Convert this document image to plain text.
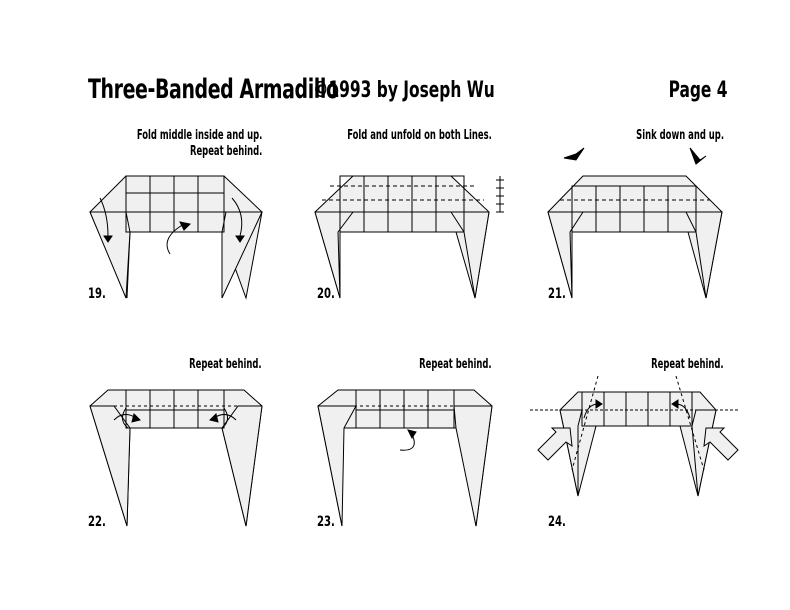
Three-Banded Armadillo
©1993 by Joseph Wu	Page 4
Fold middle inside and up.
Repeat behind.
Fold and unfold on both Lines.	Sink down and up.
Repeat behind.	Repeat behind.	Repeat behind.
19.	20.	21.
22.	23.	24.
